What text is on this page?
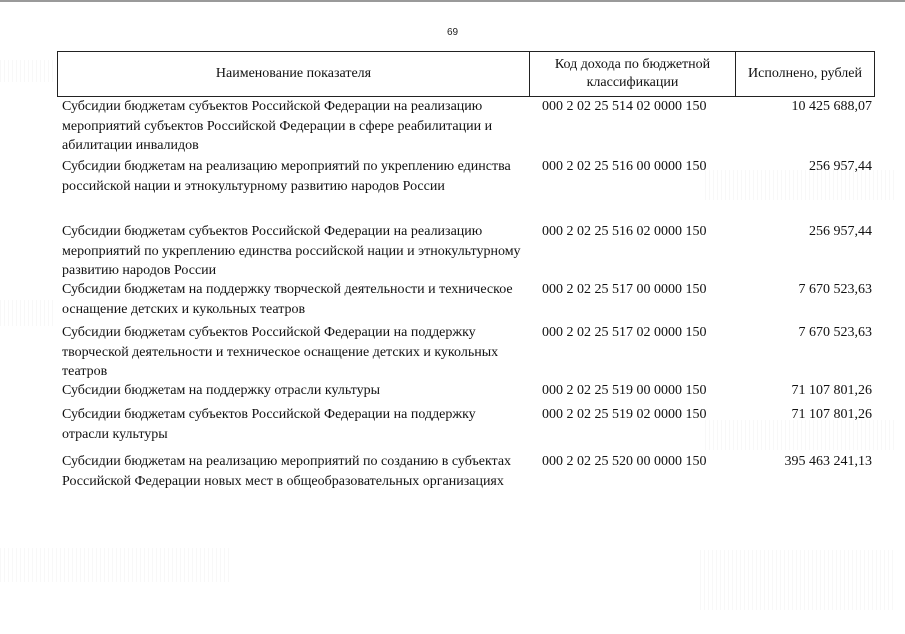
69
Наименование показателя
Код дохода по бюджетной классификации
Исполнено, рублей
Субсидии бюджетам субъектов Российской Федерации на реализацию мероприятий субъектов Российской Федерации в сфере реабилитации и абилитации инвалидов
000 2 02 25 514 02 0000 150	10 425 688,07
Субсидии бюджетам на реализацию мероприятий по укреплению единства российской нации и этнокультурному развитию народов России
000 2 02 25 516 00 0000 150	256 957,44
Субсидии бюджетам субъектов Российской Федерации на реализацию мероприятий по укреплению единства российской нации и этнокультурному развитию народов России
000 2 02 25 516 02 0000 150	256 957,44
Субсидии бюджетам на поддержку творческой деятельности и техническое оснащение детских и кукольных театров
000 2 02 25 517 00 0000 150	7 670 523,63
Субсидии бюджетам субъектов Российской Федерации на поддержку творческой деятельности и техническое оснащение детских и кукольных театров
000 2 02 25 517 02 0000 150	7 670 523,63
Субсидии бюджетам на поддержку отрасли культуры	000 2 02 25 519 00 0000 150	71 107 801,26
Субсидии бюджетам субъектов Российской Федерации на поддержку отрасли культуры
000 2 02 25 519 02 0000 150	71 107 801,26
Субсидии бюджетам на реализацию мероприятий по созданию в субъектах Российской Федерации новых мест в общеобразовательных организациях
000 2 02 25 520 00 0000 150	395 463 241,13
